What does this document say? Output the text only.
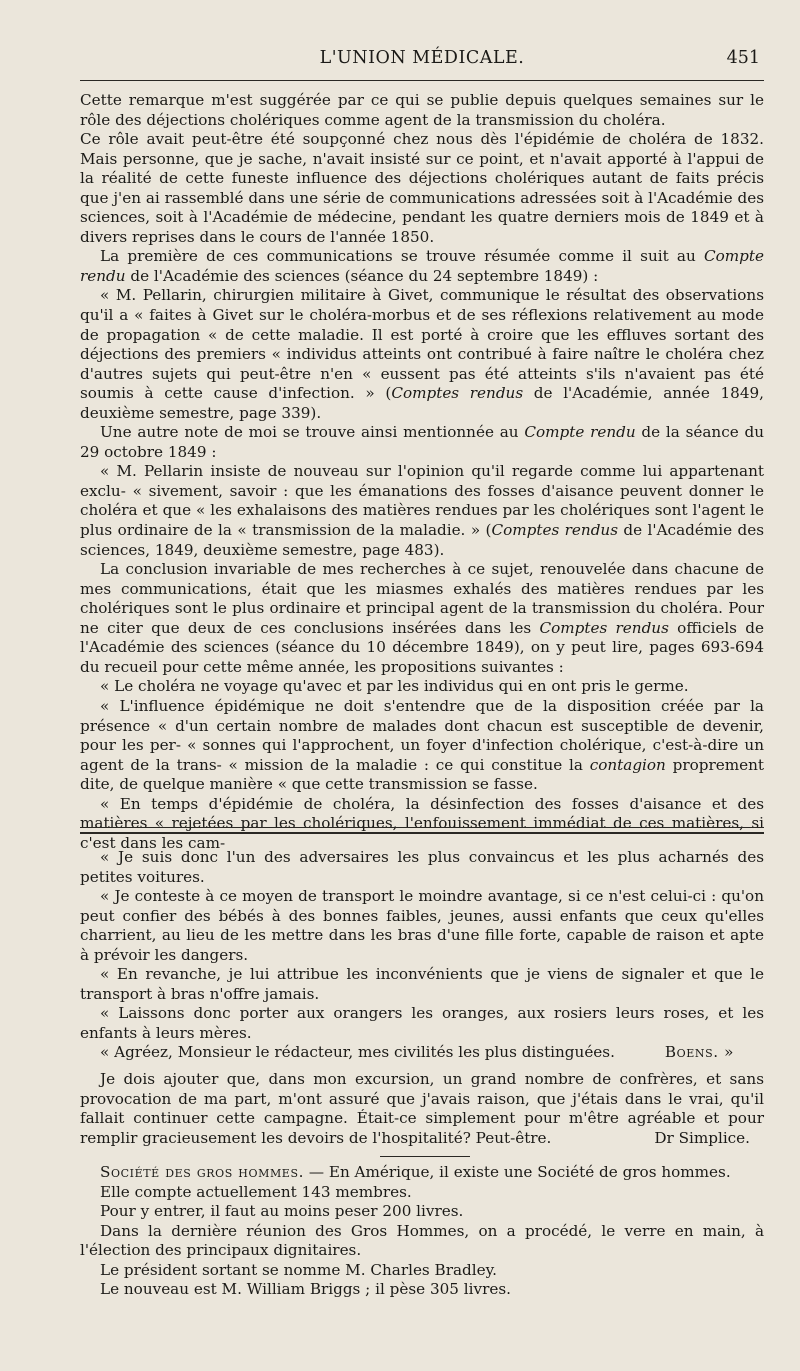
L'UNION MÉDICALE.	451

Cette remarque m'est suggérée par ce qui se publie depuis quelques semaines sur le rôle des déjections cholériques comme agent de la transmission du choléra.

Ce rôle avait peut-être été soupçonné chez nous dès l'épidémie de choléra de 1832. Mais personne, que je sache, n'avait insisté sur ce point, et n'avait apporté à l'appui de la réalité de cette funeste influence des déjections cholériques autant de faits précis que j'en ai rassemblé dans une série de communications adressées soit à l'Académie des sciences, soit à l'Académie de médecine, pendant les quatre derniers mois de 1849 et à divers reprises dans le cours de l'année 1850.

La première de ces communications se trouve résumée comme il suit au Compte rendu de l'Académie des sciences (séance du 24 septembre 1849) :

« M. Pellarin, chirurgien militaire à Givet, communique le résultat des observations qu'il a « faites à Givet sur le choléra-morbus et de ses réflexions relativement au mode de propagation « de cette maladie. Il est porté à croire que les effluves sortant des déjections des premiers « individus atteints ont contribué à faire naître le choléra chez d'autres sujets qui peut-être n'en « eussent pas été atteints s'ils n'avaient pas été soumis à cette cause d'infection. » (Comptes rendus de l'Académie, année 1849, deuxième semestre, page 339).

Une autre note de moi se trouve ainsi mentionnée au Compte rendu de la séance du 29 octobre 1849 :

« M. Pellarin insiste de nouveau sur l'opinion qu'il regarde comme lui appartenant exclu- « sivement, savoir : que les émanations des fosses d'aisance peuvent donner le choléra et que « les exhalaisons des matières rendues par les cholériques sont l'agent le plus ordinaire de la « transmission de la maladie. » (Comptes rendus de l'Académie des sciences, 1849, deuxième semestre, page 483).

La conclusion invariable de mes recherches à ce sujet, renouvelée dans chacune de mes communications, était que les miasmes exhalés des matières rendues par les cholériques sont le plus ordinaire et principal agent de la transmission du choléra. Pour ne citer que deux de ces conclusions insérées dans les Comptes rendus officiels de l'Académie des sciences (séance du 10 décembre 1849), on y peut lire, pages 693-694 du recueil pour cette même année, les propositions suivantes :

« Le choléra ne voyage qu'avec et par les individus qui en ont pris le germe.

« L'influence épidémique ne doit s'entendre que de la disposition créée par la présence « d'un certain nombre de malades dont chacun est susceptible de devenir, pour les per- « sonnes qui l'approchent, un foyer d'infection cholérique, c'est-à-dire un agent de la trans- « mission de la maladie : ce qui constitue la contagion proprement dite, de quelque manière « que cette transmission se fasse.

« En temps d'épidémie de choléra, la désinfection des fosses d'aisance et des matières « rejetées par les cholériques, l'enfouissement immédiat de ces matières, si c'est dans les cam-

« Je suis donc l'un des adversaires les plus convaincus et les plus acharnés des petites voitures.

« Je conteste à ce moyen de transport le moindre avantage, si ce n'est celui-ci : qu'on peut confier des bébés à des bonnes faibles, jeunes, aussi enfants que ceux qu'elles charrient, au lieu de les mettre dans les bras d'une fille forte, capable de raison et apte à prévoir les dangers.

« En revanche, je lui attribue les inconvénients que je viens de signaler et que le transport à bras n'offre jamais.

« Laissons donc porter aux orangers les oranges, aux rosiers leurs roses, et les enfants à leurs mères.

« Agréez, Monsieur le rédacteur, mes civilités les plus distinguées.	Boens. »

Je dois ajouter que, dans mon excursion, un grand nombre de confrères, et sans provocation de ma part, m'ont assuré que j'avais raison, que j'étais dans le vrai, qu'il fallait continuer cette campagne. Était-ce simplement pour m'être agréable et pour remplir gracieusement les devoirs de l'hospitalité? Peut-être.	Dr Simplice.

Société des gros hommes. — En Amérique, il existe une Société de gros hommes.

Elle compte actuellement 143 membres.

Pour y entrer, il faut au moins peser 200 livres.

Dans la dernière réunion des Gros Hommes, on a procédé, le verre en main, à l'élection des principaux dignitaires.

Le président sortant se nomme M. Charles Bradley.

Le nouveau est M. William Briggs ; il pèse 305 livres.
